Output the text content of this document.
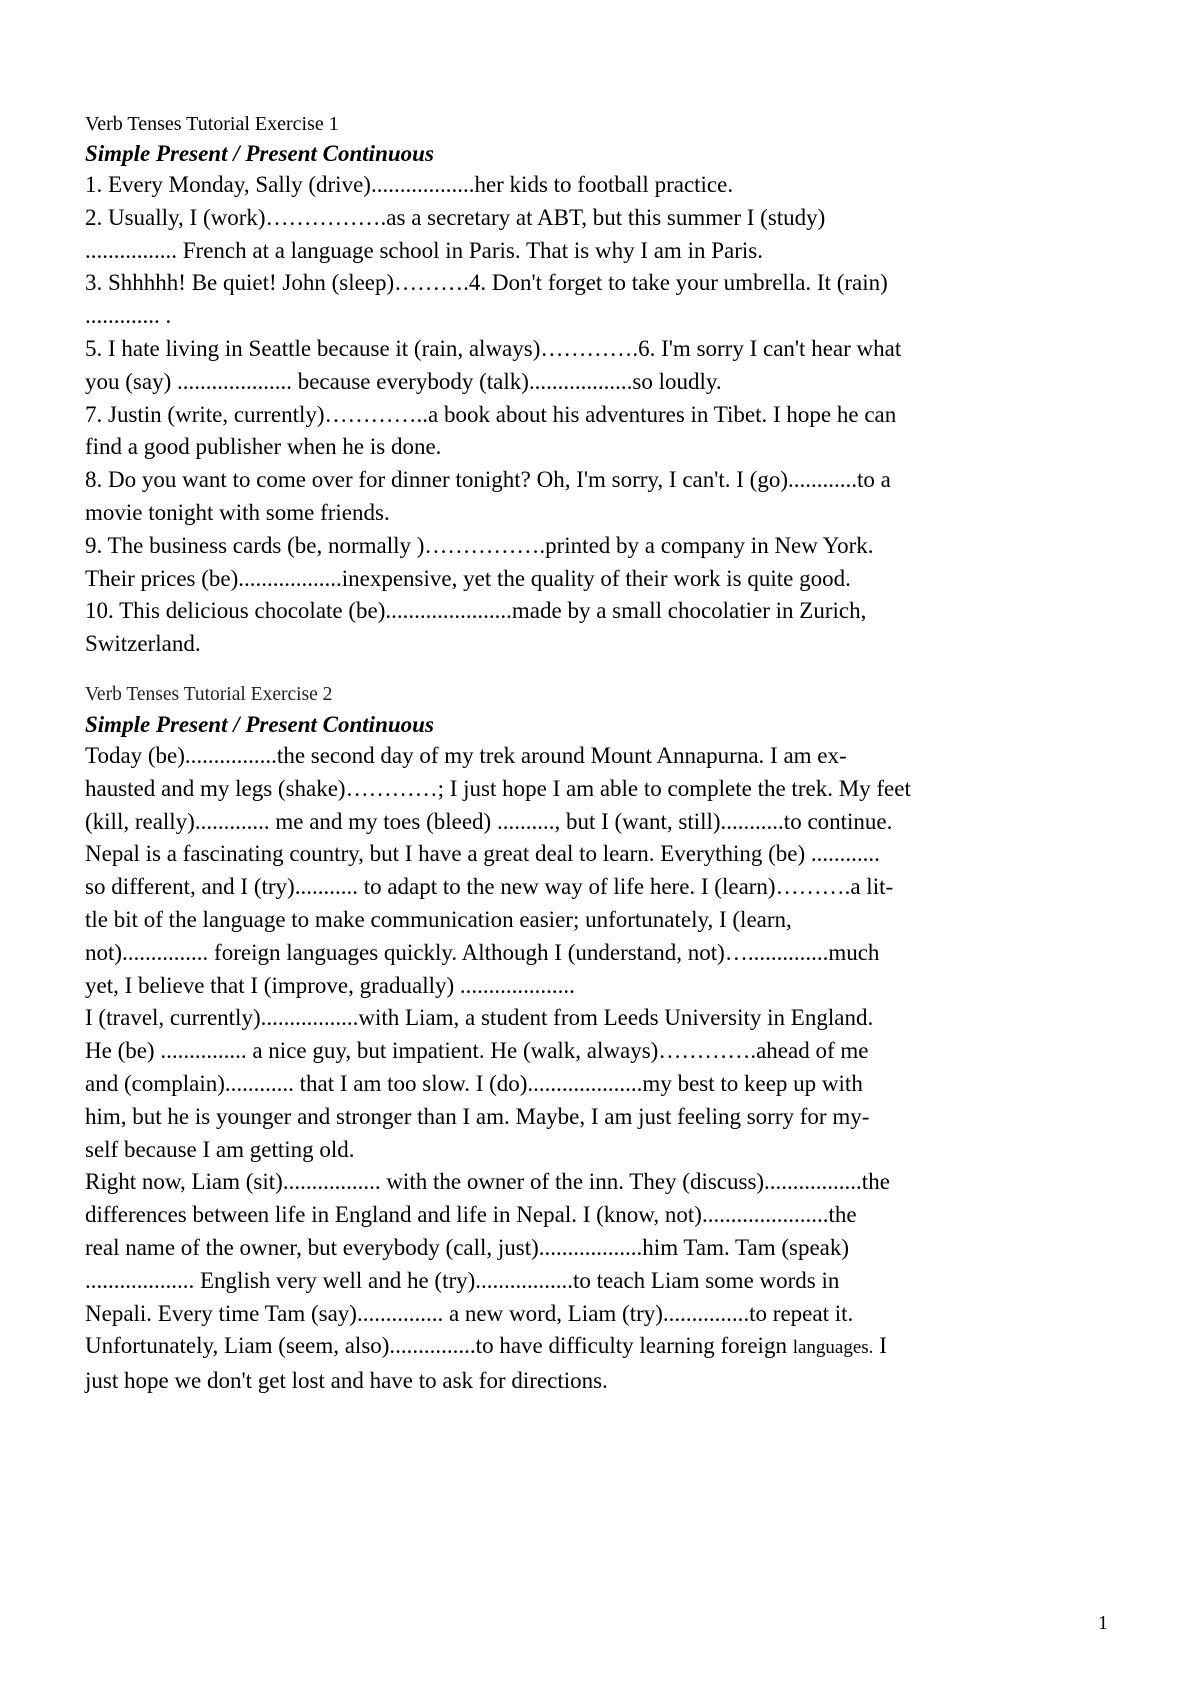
Verb Tenses Tutorial Exercise 1

Simple Present / Present Continuous

1. Every Monday, Sally (drive)..................her kids to football practice.

2. Usually, I (work)…………….as a secretary at ABT, but this summer I (study)

................ French at a language school in Paris. That is why I am in Paris.

3. Shhhhh! Be quiet! John (sleep)……….4. Don't forget to take your umbrella. It (rain)

............. .

5. I hate living in Seattle because it (rain, always)………….6. I'm sorry I can't hear what

you (say) .................... because everybody (talk)..................so loudly.

7. Justin (write, currently)…………..a book about his adventures in Tibet. I hope he can

find a good publisher when he is done.

8. Do you want to come over for dinner tonight? Oh, I'm sorry, I can't. I (go)............to a

movie tonight with some friends.

9. The business cards (be, normally )…………….printed by a company in New York.

Their prices (be)..................inexpensive, yet the quality of their work is quite good.

10. This delicious chocolate (be)......................made by a small chocolatier in Zurich,

Switzerland.

Verb Tenses Tutorial Exercise 2

Simple Present / Present Continuous

Today (be)................the second day of my trek around Mount Annapurna. I am ex-

hausted and my legs (shake)…………; I just hope I am able to complete the trek. My feet

(kill, really)............. me and my toes (bleed) .........., but I (want, still)...........to continue.

Nepal is a fascinating country, but I have a great deal to learn. Everything (be) ............

so different, and I (try)........... to adapt to the new way of life here. I (learn)……….a lit-

tle bit of the language to make communication easier; unfortunately, I (learn,

not)............... foreign languages quickly. Although I (understand, not)…..............much

yet, I believe that I (improve, gradually) ....................

I (travel, currently).................with Liam, a student from Leeds University in England.

He (be) ............... a nice guy, but impatient. He (walk, always)………….ahead of me

and (complain)............ that I am too slow. I (do)....................my best to keep up with

him, but he is younger and stronger than I am. Maybe, I am just feeling sorry for my-

self because I am getting old.

Right now, Liam (sit)................. with the owner of the inn. They (discuss).................the

differences between life in England and life in Nepal. I (know, not)......................the

real name of the owner, but everybody (call, just)..................him Tam. Tam (speak)

................... English very well and he (try).................to teach Liam some words in

Nepali. Every time Tam (say)............... a new word, Liam (try)...............to repeat it.

Unfortunately, Liam (seem, also)...............to have difficulty learning foreign languages. I

just hope we don't get lost and have to ask for directions.

1
